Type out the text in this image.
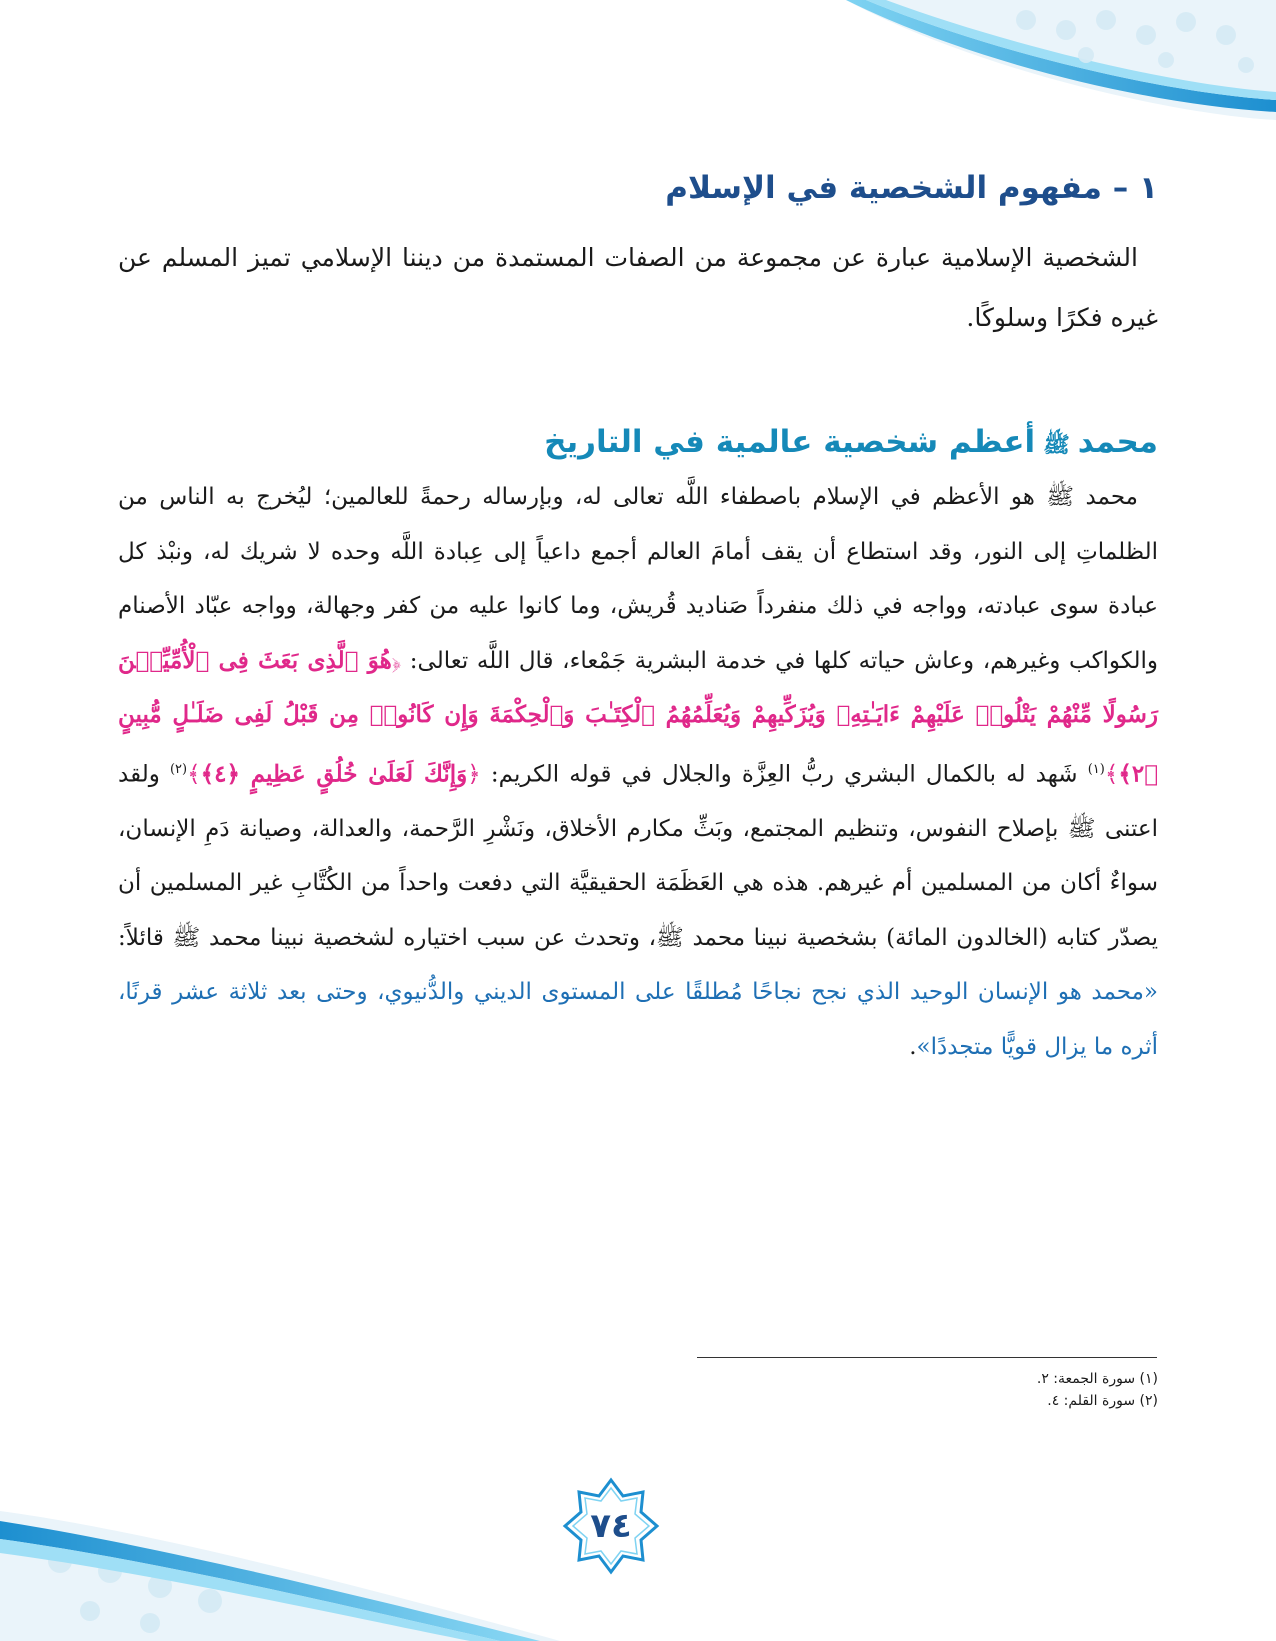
١ – مفهوم الشخصية في الإسلام

الشخصية الإسلامية عبارة عن مجموعة من الصفات المستمدة من ديننا الإسلامي تميز المسلم عن غيره فكرًا وسلوكًا.

محمدﷺأعظم شخصية عالمية في التاريخ

محمد ﷺ هو الأعظم في الإسلام باصطفاء اللَّه تعالى له، وبإرساله رحمةً للعالمين؛ ليُخرج به الناس من الظلماتِ إلى النور، وقد استطاع أن يقف أمامَ العالم أجمع داعياً إلى عِبادة اللَّه وحده لا شريك له، ونبْذ كل عبادة سوى عبادته، وواجه في ذلك منفرداً صَناديد قُريش، وما كانوا عليه من كفر وجهالة، وواجه عبّاد الأصنام والكواكب وغيرهم، وعاش حياته كلها في خدمة البشرية جَمْعاء، قال اللَّه تعالى: ﴿هُوَ ٱلَّذِى بَعَثَ فِى ٱلْأُمِّيِّـۧنَ رَسُولًا مِّنْهُمْ يَتْلُوا۟ عَلَيْهِمْ ءَايَـٰتِهِۦ وَيُزَكِّيهِمْ وَيُعَلِّمُهُمُ ٱلْكِتَـٰبَ وَٱلْحِكْمَةَ وَإِن كَانُوا۟ مِن قَبْلُ لَفِى ضَلَـٰلٍ مُّبِينٍ ﴿٢﴾﴾$^{(١)}$ شَهد له بالكمال البشري ربُّ العِزَّة والجلال في قوله الكريم: ﴿وَإِنَّكَ لَعَلَىٰ خُلُقٍ عَظِيمٍ ﴿٤﴾﴾$^{(٢)}$ ولقد اعتنى ﷺ بإصلاح النفوس، وتنظيم المجتمع، وبَثِّ مكارم الأخلاق، ونَشْرِ الرَّحمة، والعدالة، وصيانة دَمِ الإنسان، سواءٌ أكان من المسلمين أم غيرهم. هذه هي العَظَمَة الحقيقيَّة التي دفعت واحداً من الكُتَّابِ غير المسلمين أن يصدّر كتابه (الخالدون المائة) بشخصية نبينا محمد ﷺ، وتحدث عن سبب اختياره لشخصية نبينا محمد ﷺ قائلاً: «محمد هو الإنسان الوحيد الذي نجح نجاحًا مُطلقًا على المستوى الديني والدُّنيوي، وحتى بعد ثلاثة عشر قرنًا، أثره ما يزال قويًّا متجددًا».

(١) سورة الجمعة: ٢.
(٢) سورة القلم: ٤.
٧٤
